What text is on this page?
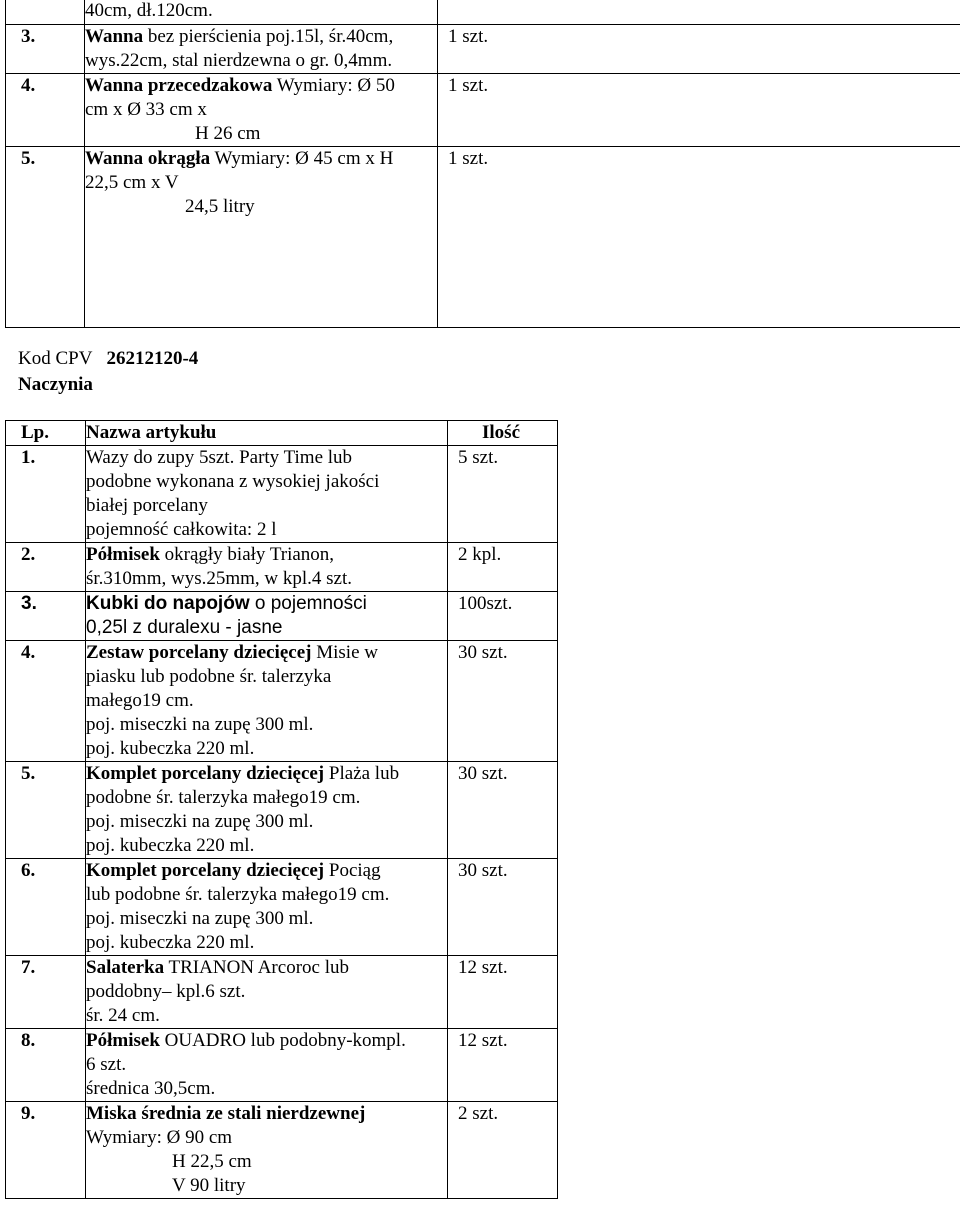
	40cm, dł.120cm.	
3.	Wanna bez pierścienia poj.15l, śr.40cm,
wys.22cm, stal nierdzewna o gr. 0,4mm.	1 szt.
4.	Wanna przecedzakowa Wymiary: Ø 50
cm x Ø 33 cm x

H 26 cm	1 szt.
5.	Wanna okrągła Wymiary: Ø 45 cm x H
22,5 cm x V

24,5 litry	1 szt.
Kod CPV 26212120-4
Naczynia
Lp.	Nazwa artykułu	Ilość
1.	Wazy do zupy 5szt. Party Time lub
podobne wykonana z wysokiej jakości
białej porcelany
pojemność całkowita: 2 l	5 szt.
2.	Półmisek okrągły biały Trianon,
śr.310mm, wys.25mm, w kpl.4 szt.	2 kpl.
3.	Kubki do napojów o pojemności
0,25l z duralexu - jasne	100szt.
4.	Zestaw porcelany dziecięcej Misie w
piasku lub podobne śr. talerzyka
małego19 cm.
poj. miseczki na zupę 300 ml.
poj. kubeczka 220 ml.	30 szt.
5.	Komplet porcelany dziecięcej Plaża lub
podobne śr. talerzyka małego19 cm.
poj. miseczki na zupę 300 ml.
poj. kubeczka 220 ml.	30 szt.
6.	Komplet porcelany dziecięcej Pociąg
lub podobne śr. talerzyka małego19 cm.
poj. miseczki na zupę 300 ml.
poj. kubeczka 220 ml.	30 szt.
7.	Salaterka TRIANON Arcoroc lub
poddobny– kpl.6 szt.
śr. 24 cm.	12 szt.
8.	Półmisek OUADRO lub podobny-kompl.
6 szt.
średnica 30,5cm.	12 szt.
9.	Miska średnia ze stali nierdzewnej
Wymiary: Ø 90 cm

H 22,5 cm
V 90 litry	2 szt.
